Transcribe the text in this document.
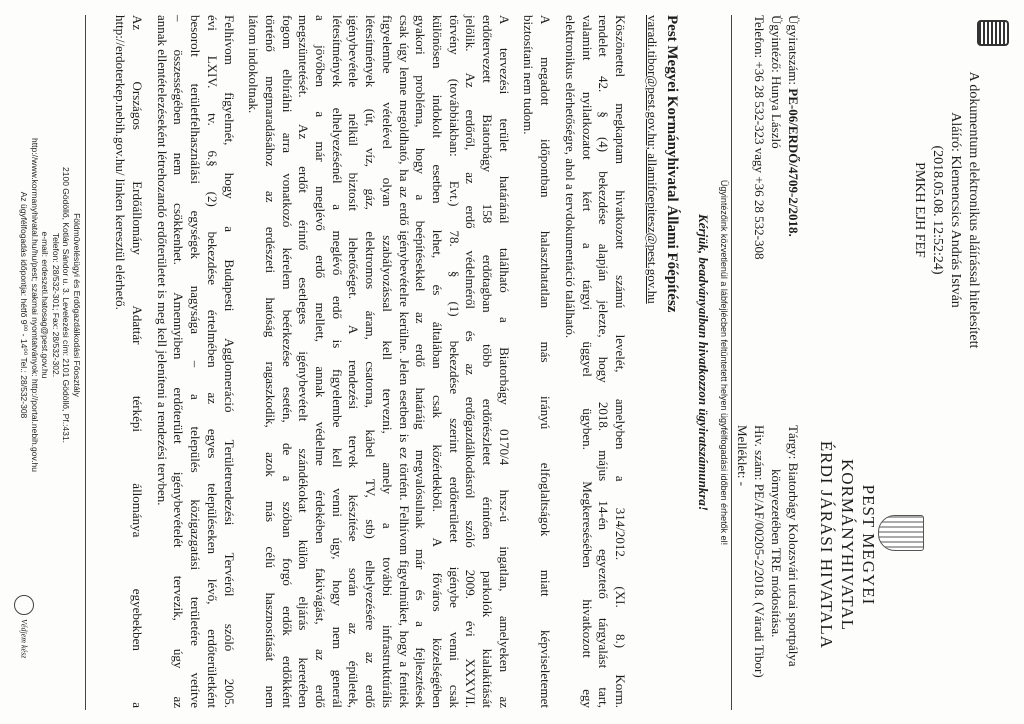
A dokumentum elektronikus aláírással hitelesített
Aláíró: Klemencsics András István
(2018.05.08. 12:52:24)
PMKH EJH FEF
PEST MEGYEI
KORMÁNYHIVATAL
ÉRDI JÁRÁSI HIVATALA
Ügyiratszám: PE-06/ERDŐ/4709-2/2018.
Ügyintéző: Hunya László
Telefon: +36 28 532-323 vagy +36 28 532-308
Tárgy: Biatorbágy Kolozsvári utcai sportpálya
környezetében TRE módosítása.
Hiv. szám: PE/AF/00205-2/2018. (Váradi Tibor)
Melléklet: -
Ügyintézőink közvetlenül a lábfejlécben feltüntetett helyen ügyfélfogadási időben érhetők el!
Kérjük, beadványaiban hivatkozzon ügyiratszámunkra!
Pest Megyei Kormányhivatal Állami Főépítész
varadi.tibor@pest.gov.hu; allamifoepitesz@pest.gov.hu
Köszönettel megkaptam hivatkozott számú levelét, amelyben a 314/2012. (XI. 8.) Korm.
rendelet 42. § (4) bekezdése alapján jelezte, hogy 2018. május 14-én egyeztető tárgyalást tart,
valamint nyilatkozatot kért a tárgyi üggyel ügyben. Megkeresésében hivatkozott egy
elektronikus elérhetőségre, ahol a tervdokumentáció található.
A megadott időpontban halaszthatatlan más irányú elfoglaltságok miatt képviseletemet
biztosítani nem tudom.
A tervezési terület határánál található a Biatorbágy 0170/4 hrsz-ú ingatlan, amelyeken az
erdőtervezett Biatorbágy 158 erdőtagban több erdőrészletet érintően parkolók kialakítását
jelölik. Az erdőről, az erdő védelméről és az erdőgazdálkodásról szóló 2009. évi XXXVII.
törvény (továbbiakban: Evt.) 78. § (1) bekezdése szerint erdőterületet igénybe venni csak
különösen indokolt esetben lehet, és általában csak közérdekből. A főváros közelségében
gyakori probléma, hogy a beépítésekkel az erdő határáig megvalósulnak már és a fejlesztések
csak úgy lenne megoldható, ha az erdő igénybevételre kerülne. Jelen esetben is ez történt. Felhívom figyelmüket, hogy a fentiek
figyelembe vételével olyan szabályozással kell tervezni, amely a további infrastruktúrális
létesítmények (út, víz, gáz, elektromos áram, csatorna, kábel TV, stb) elhelyezésére az erdő
igénybevétele nélkül biztosít lehetőséget. A rendezési tervek készítése során az épületek,
létesítmények elhelyezésénél a meglévő erdő is figyelembe kell venni úgy, hogy nem generál
a jövőben a már meglévő erdő mellett, annak védelme érdekében fakivágást, az erdő
megszüntetését. Az erdőt érintő esetleges igénybevételt szándékokat külön eljárás keretében
fogom elbírálni arra vonatkozó kérelem beérkezése esetén, de a szóban forgó erdők erdőkként
történő megmaradásához az erdészeti hatóság ragaszkodik, azok más célú hasznosítását nem
látom indokoltnak.
Felhívom figyelmét, hogy a Budapesti Agglomeráció Területrendezési Tervéről szóló 2005.
évi LXIV. tv. 6.§ (2) bekezdése értelmében az egyes településeken lévő, erdőterületként
besorolt területfelhasználási egységek nagysága – a település közigazgatási területére vetítve
– összességében nem csökkenhet. Amennyiben erdőterület igénybevételét tervezik, úgy az
annak ellentételezéseként létrehozandó erdőterületet is meg kell jeleníteni a rendezési tervben.
Az Országos Erdőállomány Adattár térképi állománya egyebekben a
http://erdoterkep.nebih.gov.hu/ linken keresztül elérhető.
Földművelésügyi és Erdőgazdálkodási Főosztály
2100 Gödöllő, Kotlán Sándor u. 3. Levelezési cím: 2101 Gödöllő, Pf.:431.
Telefon: 28/532-301; Fax: 28/532-302.
e-mail: erdeszeti.hatosag@pest.gov.hu
http://www.kormanyhivatal.hu/hu/pest; szakmai nyomtatványok: http://portal.nebih.gov.hu
Az ügyfélfogadás időpontja: hétfő 9⁰⁰ - 14⁰⁰ Tel.: 28/532-308
Védjem kész
